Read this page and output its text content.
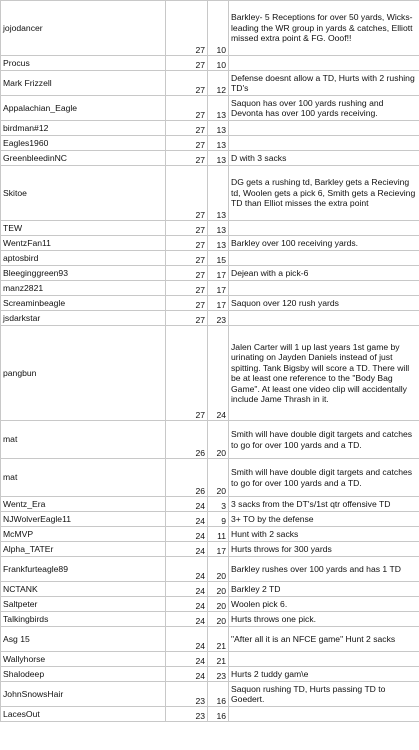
jojodancer	27	10	Barkley- 5 Receptions for over 50 yards, Wicks- leading the WR group in yards & catches, Elliott missed extra point & FG. Ooof!!
Procus	27	10	
Mark Frizzell	27	12	Defense doesnt allow a TD, Hurts with 2 rushing TD's
Appalachian_Eagle	27	13	Saquon has over 100 yards rushing and Devonta has over 100 yards receiving.
birdman#12	27	13	
Eagles1960	27	13	
GreenbleedinNC	27	13	D with 3 sacks
Skitoe	27	13	DG gets a rushing td, Barkley gets a Recieving td, Woolen gets a pick 6, Smith gets a Recieving TD than Elliot misses the extra point
TEW	27	13	
WentzFan11	27	13	Barkley over 100 receiving yards.
aptosbird	27	15	
Bleeginggreen93	27	17	Dejean with a pick-6
manz2821	27	17	
Screaminbeagle	27	17	Saquon over 120 rush yards
jsdarkstar	27	23	
pangbun	27	24	Jalen Carter will 1 up last years 1st game by urinating on Jayden Daniels instead of just spitting. Tank Bigsby will score a TD. There will be at least one reference to the "Body Bag Game". At least one video clip will accidentally include Jame Thrash in it.
mat	26	20	Smith will have double digit targets and catches to go for over 100 yards and a TD.
mat	26	20	Smith will have double digit targets and catches to go for over 100 yards and a TD.
Wentz_Era	24	3	3 sacks from the DT's/1st qtr offensive TD
NJWolverEagle11	24	9	3+ TO by the defense
McMVP	24	11	Hunt with 2 sacks
Alpha_TATEr	24	17	Hurts throws for 300 yards
Frankfurteagle89	24	20	Barkley rushes over 100 yards and has 1 TD
NCTANK	24	20	Barkley 2 TD
Saltpeter	24	20	Woolen pick 6.
Talkingbirds	24	20	Hurts throws one pick.
Asg 15	24	21	"After all it is an NFCE game" Hunt 2 sacks
Wallyhorse	24	21	
Shalodeep	24	23	Hurts 2 tuddy gam\e
JohnSnowsHair	23	16	Saquon rushing TD, Hurts passing TD to Goedert.
LacesOut	23	16	
